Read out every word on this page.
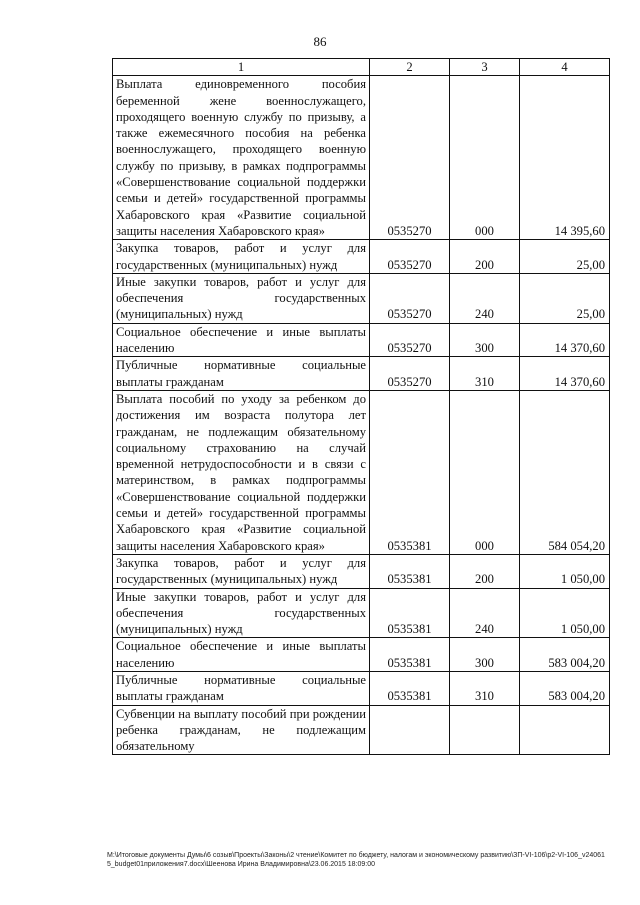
86
1	2	3	4
Выплата единовременного пособия беременной жене военнослужащего, проходящего военную службу по призыву, а также ежемесячного пособия на ребенка военнослужащего, проходящего военную службу по призыву, в рамках подпрограммы «Совершенствование социальной поддержки семьи и детей» государственной программы Хабаровского края «Развитие социальной защиты населения Хабаровского края»	0535270	000	14 395,60
Закупка товаров, работ и услуг для государственных (муниципальных) нужд	0535270	200	25,00
Иные закупки товаров, работ и услуг для обеспечения государственных (муниципальных) нужд	0535270	240	25,00
Социальное обеспечение и иные выплаты населению	0535270	300	14 370,60
Публичные нормативные социальные выплаты гражданам	0535270	310	14 370,60
Выплата пособий по уходу за ребенком до достижения им возраста полутора лет гражданам, не подлежащим обязательному социальному страхованию на случай временной нетрудоспособности и в связи с материнством, в рамках подпрограммы «Совершенствование социальной поддержки семьи и детей» государственной программы Хабаровского края «Развитие социальной защиты населения Хабаровского края»	0535381	000	584 054,20
Закупка товаров, работ и услуг для государственных (муниципальных) нужд	0535381	200	1 050,00
Иные закупки товаров, работ и услуг для обеспечения государственных (муниципальных) нужд	0535381	240	1 050,00
Социальное обеспечение и иные выплаты населению	0535381	300	583 004,20
Публичные нормативные социальные выплаты гражданам	0535381	310	583 004,20
Субвенции на выплату пособий при рождении ребенка гражданам, не подлежащим обязательному			
М:\Итоговые документы Думы\6 созыв\Проекты\Законы\2 чтение\Комитет по бюджету, налогам и экономическому развитию\ЗП-VI-106\p2-VI-106_v240615_budget01приложения7.docx\Шеенова Ирина Владимировна\23.06.2015 18:09:00
